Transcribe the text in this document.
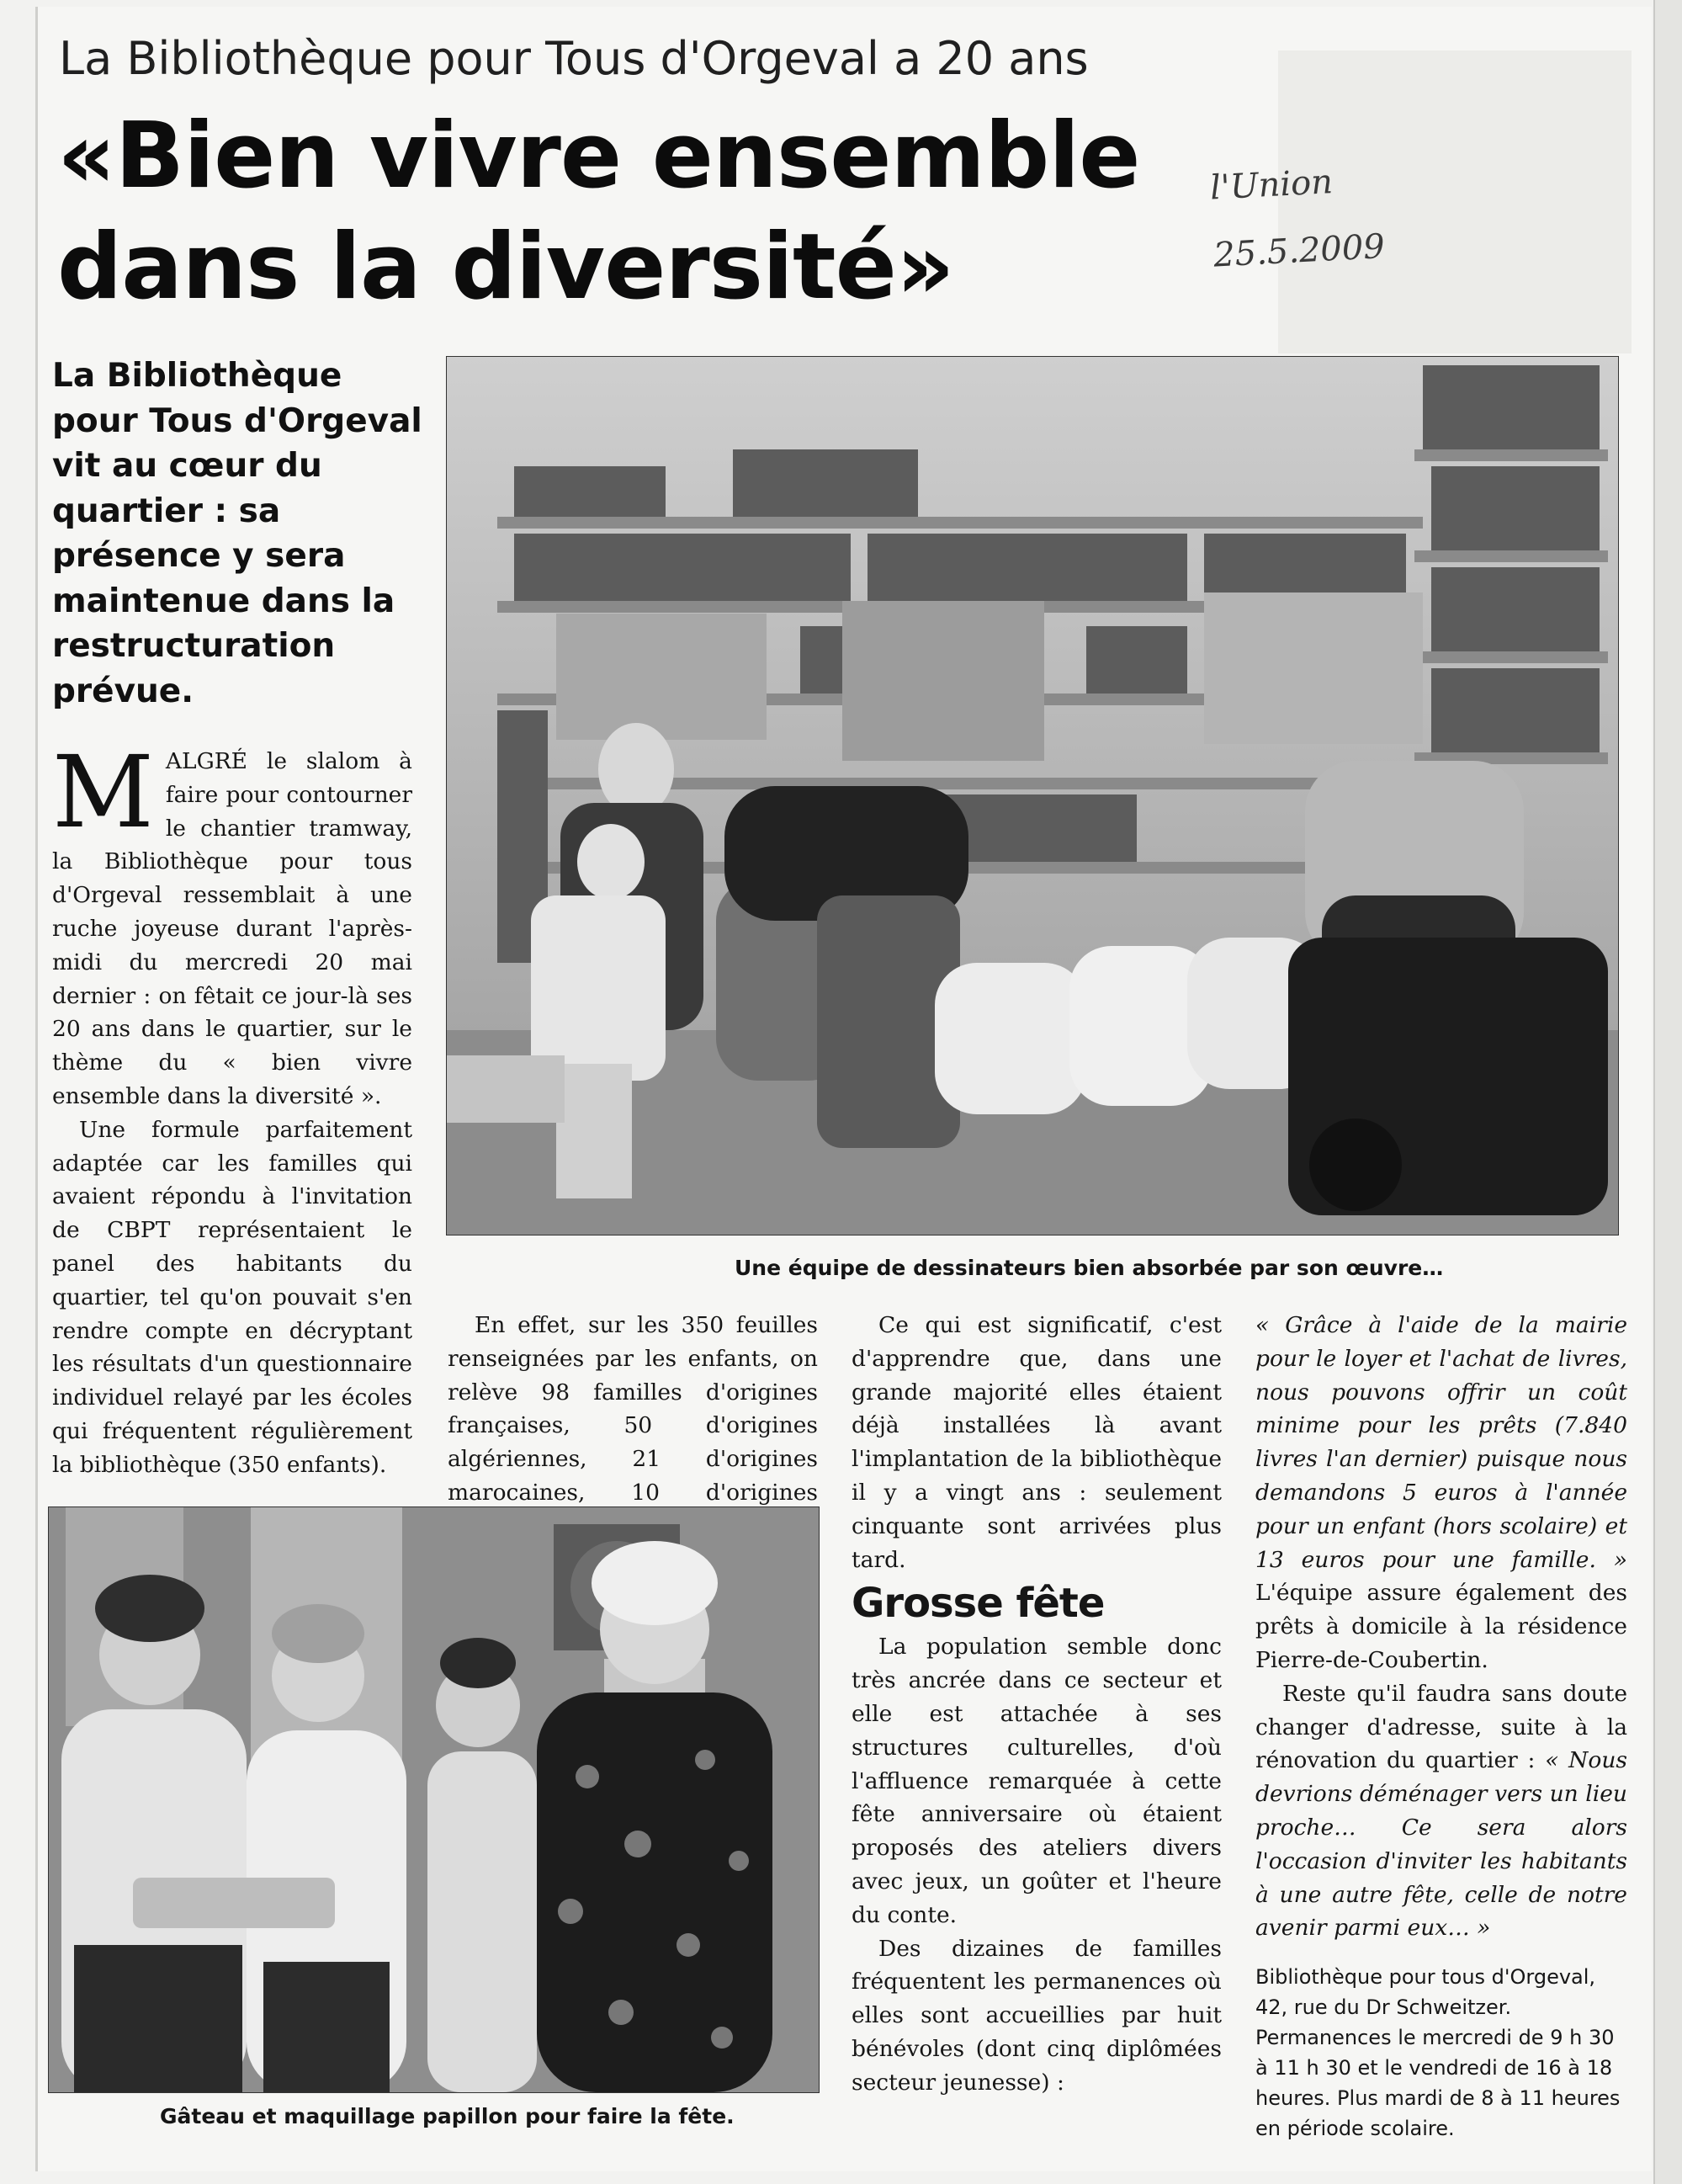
La Bibliothèque pour Tous d'Orgeval a 20 ans
«Bien vivre ensemble
dans la diversité»
l'Union
25.5.2009
La Bibliothèque pour Tous d'Orgeval vit au cœur du quartier : sa présence y sera maintenue dans la restructuration prévue.

MALGRÉ le slalom à faire pour contourner le chantier tramway, la Bibliothèque pour tous d'Orgeval ressemblait à une ruche joyeuse durant l'après-midi du mercredi 20 mai dernier : on fêtait ce jour-là ses 20 ans dans le quartier, sur le thème du « bien vivre ensemble dans la diversité ».

Une formule parfaitement adaptée car les familles qui avaient répondu à l'invitation de CBPT représentaient le panel des habitants du quartier, tel qu'on pouvait s'en rendre compte en décryptant les résultats d'un questionnaire individuel relayé par les écoles qui fréquentent régulièrement la bibliothèque (350 enfants).

En effet, sur les 350 feuilles renseignées par les enfants, on relève 98 familles d'origines françaises, 50 d'origines algériennes, 21 d'origines marocaines, 10 d'origines

Ce qui est significatif, c'est d'apprendre que, dans une grande majorité elles étaient déjà installées là avant l'implantation de la bibliothèque il y a vingt ans : seulement cinquante sont arrivées plus tard.

Grosse fête

La population semble donc très ancrée dans ce secteur et elle est attachée à ses structures culturelles, d'où l'affluence remarquée à cette fête anniversaire où étaient proposés des ateliers divers avec jeux, un goûter et l'heure du conte.

Des dizaines de familles fréquentent les permanences où elles sont accueillies par huit bénévoles (dont cinq diplômées secteur jeunesse) :

« Grâce à l'aide de la mairie pour le loyer et l'achat de livres, nous pouvons offrir un coût minime pour les prêts (7.840 livres l'an dernier) puisque nous demandons 5 euros à l'année pour un enfant (hors scolaire) et 13 euros pour une famille. » L'équipe assure également des prêts à domicile à la résidence Pierre-de-Coubertin.

Reste qu'il faudra sans doute changer d'adresse, suite à la rénovation du quartier : « Nous devrions déménager vers un lieu proche… Ce sera alors l'occasion d'inviter les habitants à une autre fête, celle de notre avenir parmi eux… »

Bibliothèque pour tous d'Orgeval, 42, rue du Dr Schweitzer. Permanences le mercredi de 9 h 30 à 11 h 30 et le vendredi de 16 à 18 heures. Plus mardi de 8 à 11 heures en période scolaire.

Une équipe de dessinateurs bien absorbée par son œuvre…
Gâteau et maquillage papillon pour faire la fête.
